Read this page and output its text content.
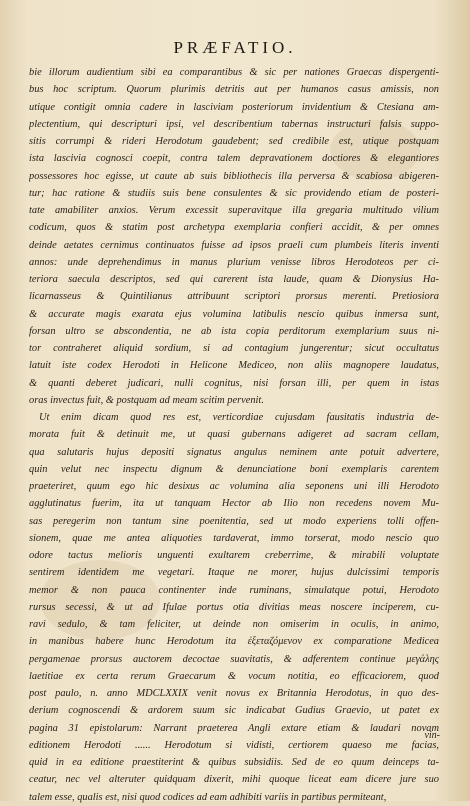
PRÆFATIO.
bie illorum audientium sibi ea comparantibus & sic per nationes Graecas dispergenti-
bus hoc scriptum. Quorum plurimis detritis aut per humanos casus amissis, non
utique contigit omnia cadere in lasciviam posteriorum invidentium & Ctesiana am-
plectentium, qui descripturi ipsi, vel describentium tabernas instructuri falsis suppo-
sitis corrumpi & rideri Herodotum gaudebent; sed credibile est, utique postquam
ista lascivia cognosci coepit, contra talem depravationem doctiores & elegantiores
possessores hoc egisse, ut caute ab suis bibliothecis illa perversa & scabiosa abigeren-
tur; hac ratione & studiis suis bene consulentes & sic providendo etiam de posteri-
tate amabiliter anxios. Verum excessit superavitque illa gregaria multitudo vilium
codicum, quos & statim post archetypa exemplaria confieri accidit, & per omnes
deinde aetates cernimus continuatos fuisse ad ipsos praeli cum plumbeis literis inventi
annos: unde deprehendimus in manus plurium venisse libros Herodoteos per ci-
teriora saecula descriptos, sed qui carerent ista laude, quam & Dionysius Ha-
licarnasseus & Quintilianus attribuunt scriptori prorsus merenti. Pretiosiora
& accurate magis exarata ejus volumina latibulis nescio quibus inmersa sunt,
forsan ultro se abscondentia, ne ab ista copia perditorum exemplarium suus ni-
tor contraheret aliquid sordium, si ad contagium jungerentur; sicut occultatus
latuit iste codex Herodoti in Helicone Mediceo, non aliis magnopere laudatus,
& quanti deberet judicari, nulli cognitus, nisi forsan illi, per quem in istas
oras invectus fuit, & postquam ad meam scitim pervenit.
Ut enim dicam quod res est, verticordiae cujusdam fausitatis industria de-
morata fuit & detinuit me, ut quasi gubernans adigeret ad sacram cellam,
qua salutaris hujus depositi signatus angulus neminem ante potuit advertere,
quin velut nec inspectu dignum & denunciatione boni exemplaris carentem
praeteriret, quum ego hic desixus ac volumina alia seponens uni illi Herodoto
agglutinatus fuerim, ita ut tanquam Hector ab Ilio non recedens novem Mu-
sas peregerim non tantum sine poenitentia, sed ut modo experiens tolli offen-
sionem, quae me antea aliquoties tardaverat, immo torserat, modo nescio quo
odore tactus melioris unguenti exultarem creberrime, & mirabili voluptate
sentirem identidem me vegetari. Itaque ne morer, hujus dulcissimi temporis
memor & non pauca continenter inde ruminans, simulatque potui, Herodoto
rursus secessi, & ut ad Ifulae portus otia divitias meas noscere inciperem, cu-
ravi sedulo, & tam feliciter, ut deinde non omiserim in oculis, in animo,
in manibus habere hunc Herodotum ita ἐξεταζόμενον ex comparatione Medicea
pergamenae prorsus auctorem decoctae suavitatis, & adferentem continue μεγάλης
laetitiae ex certa rerum Graecarum & vocum notitia, eo efficaciorem, quod
post paulo, n. anno MDCLXXIX venit novus ex Britannia Herodotus, in quo des-
derium cognoscendi & ardorem suum sic indicabat Gudius Graevio, ut patet ex
pagina 31 epistolarum: Narrant praeterea Angli extare etiam & laudari novam
editionem Herodoti ...... Herodotum si vidisti, certiorem quaeso me facias,
quid in ea editione praestiterint & quibus subsidiis. Sed de eo quum deinceps ta-
ceatur, nec vel alteruter quidquam dixerit, mihi quoque liceat eam dicere jure suo
talem esse, qualis est, nisi quod codices ad eam adhibiti variis in partibus permiteant,
vin-
